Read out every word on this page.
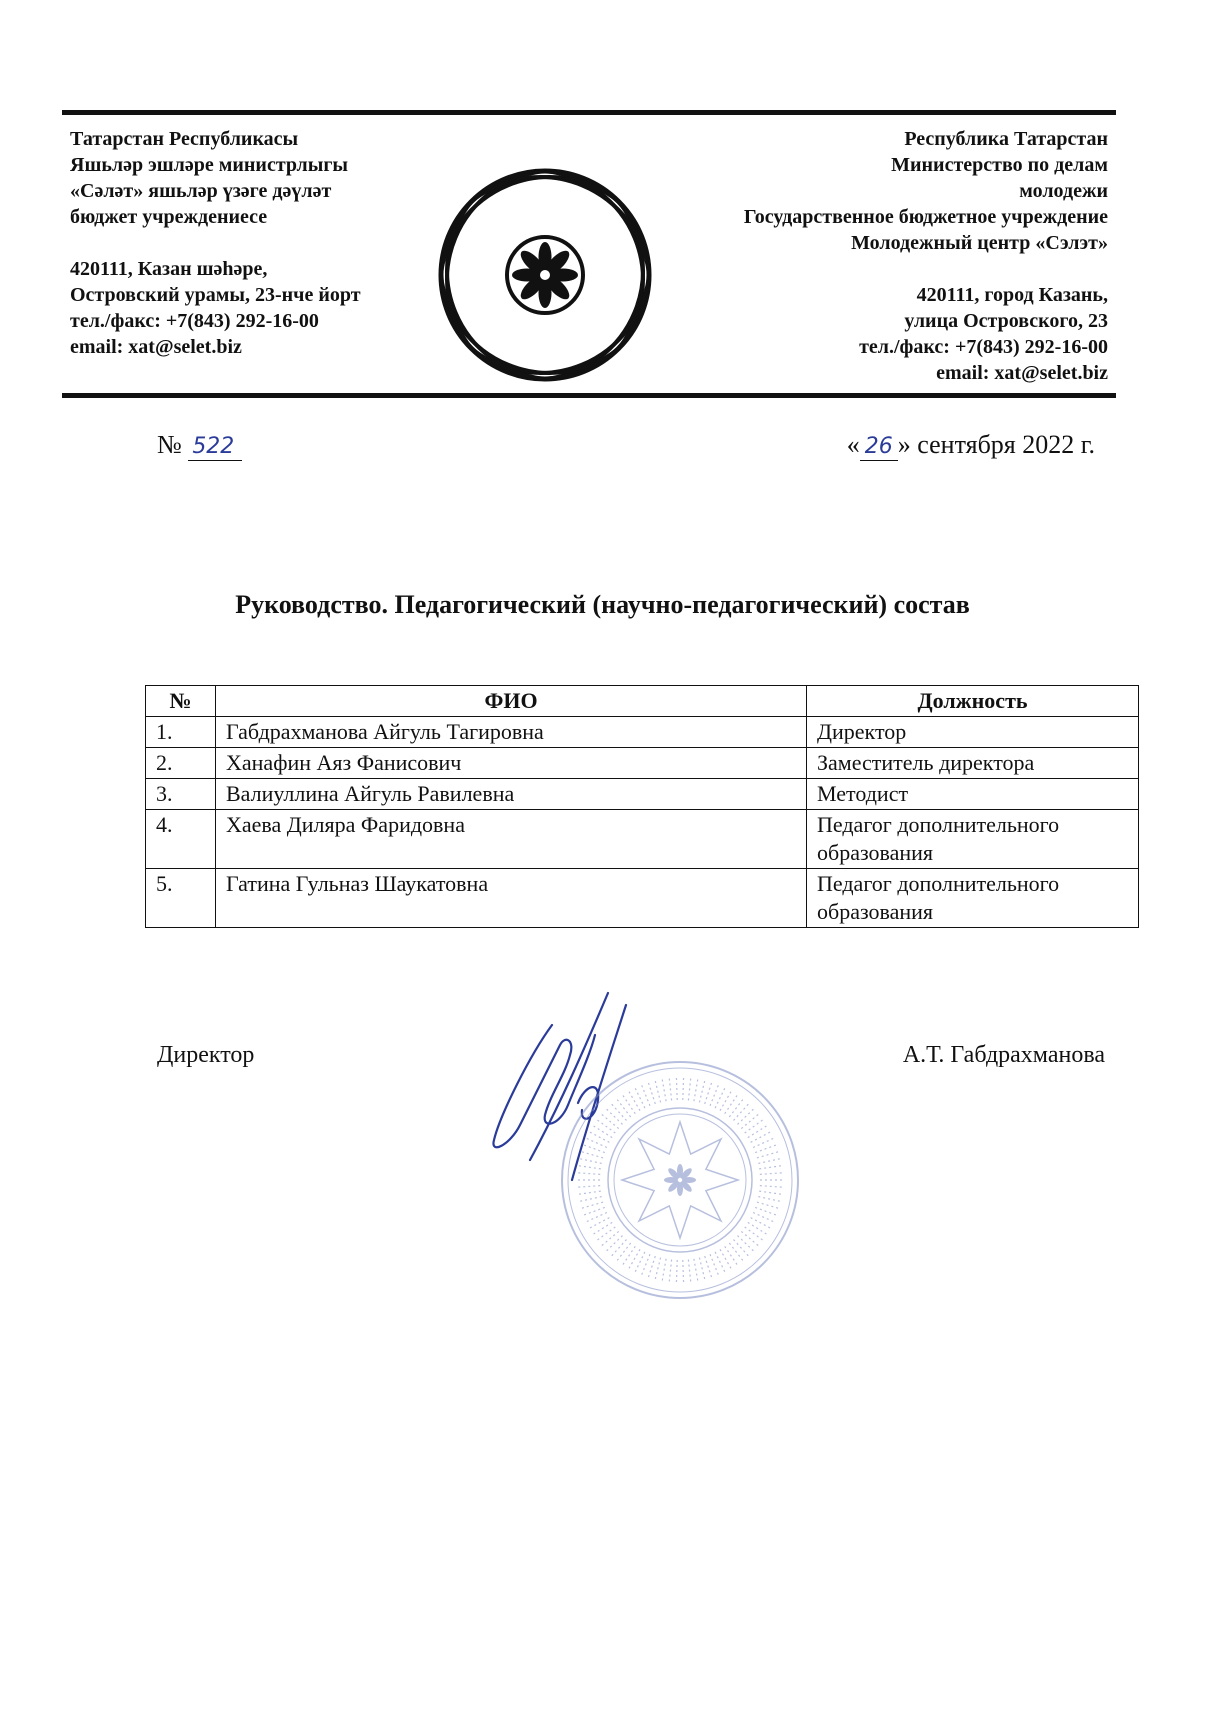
Татарстан Республикасы
Яшьләр эшләре министрлыгы
«Сәләт» яшьләр үзәге дәүләт
бюджет учреждениесе
420111, Казан шәһәре,
Островский урамы, 23-нче йорт
тел./факс: +7(843) 292-16-00
email: xat@selet.biz
Республика Татарстан
Министерство по делам
молодежи
Государственное бюджетное учреждение
Молодежный центр «Сэлэт»
420111, город Казань,
улица Островского, 23
тел./факс: +7(843) 292-16-00
email: xat@selet.biz
№ 522	« 26 » сентября 2022 г.
Руководство. Педагогический (научно-педагогический) состав
№	ФИО	Должность
1.	Габдрахманова Айгуль Тагировна	Директор
2.	Ханафин Аяз Фанисович	Заместитель директора
3.	Валиуллина Айгуль Равилевна	Методист
4.	Хаева Диляра Фаридовна	Педагог дополнительного образования
5.	Гатина Гульназ Шаукатовна	Педагог дополнительного образования
Директор	А.Т. Габдрахманова
